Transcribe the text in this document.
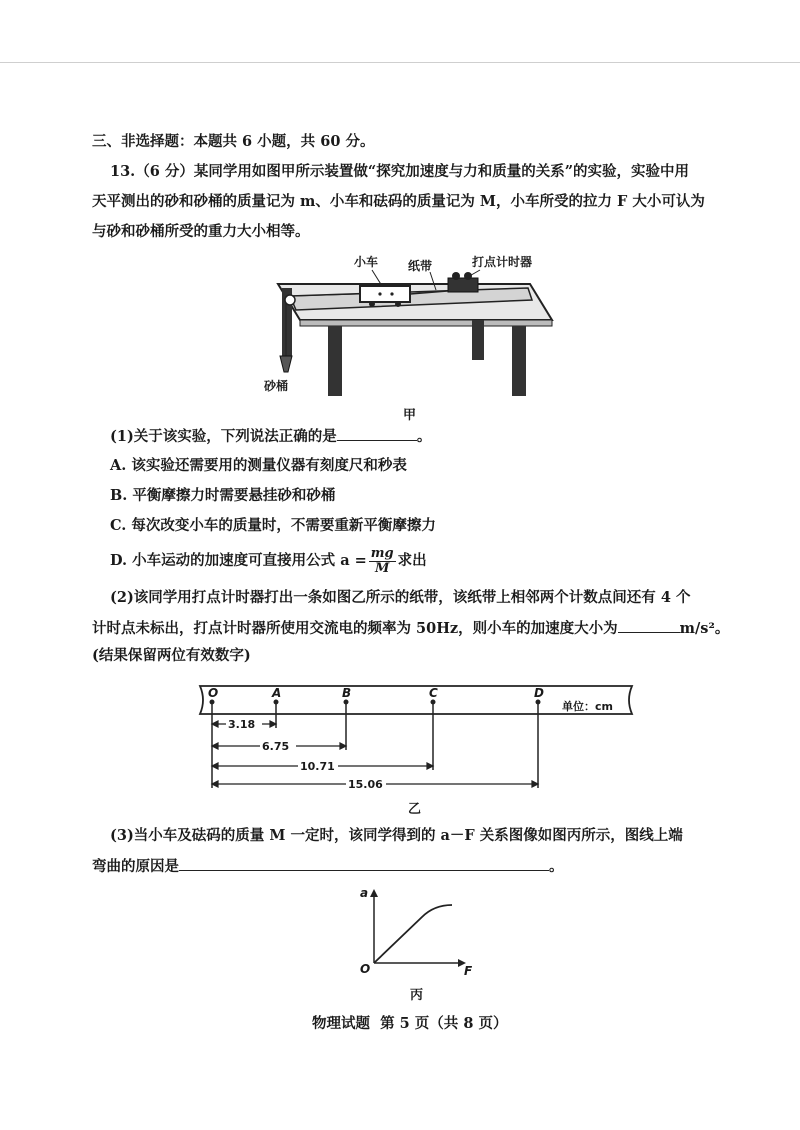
三、非选择题：本题共 6 小题，共 60 分。
13.（6 分）某同学用如图甲所示装置做“探究加速度与力和质量的关系”的实验，实验中用
天平测出的砂和砂桶的质量记为 m、小车和砝码的质量记为 M，小车所受的拉力 F 大小可认为
与砂和砂桶所受的重力大小相等。
小车 纸带	打点计时器
砂桶
甲
(1)关于该实验，下列说法正确的是	。
A. 该实验还需要用的测量仪器有刻度尺和秒表
B. 平衡摩擦力时需要悬挂砂和砂桶
C. 每次改变小车的质量时，不需要重新平衡摩擦力
D. 小车运动的加速度可直接用公式 $a = \frac{mg}{M}$ 求出
(2)该同学用打点计时器打出一条如图乙所示的纸带，该纸带上相邻两个计数点间还有 4 个
计时点未标出，打点计时器所使用交流电的频率为 50Hz，则小车的加速度大小为	m/s²。
(结果保留两位有效数字)
O	A	B	C	D
单位：cm
3.18
6.75
10.71
15.06
乙
(3)当小车及砝码的质量 M 一定时，该同学得到的 a－F 关系图像如图丙所示，图线上端
弯曲的原因是	。
a
F
O
丙
物理试题 第 5 页（共 8 页）
